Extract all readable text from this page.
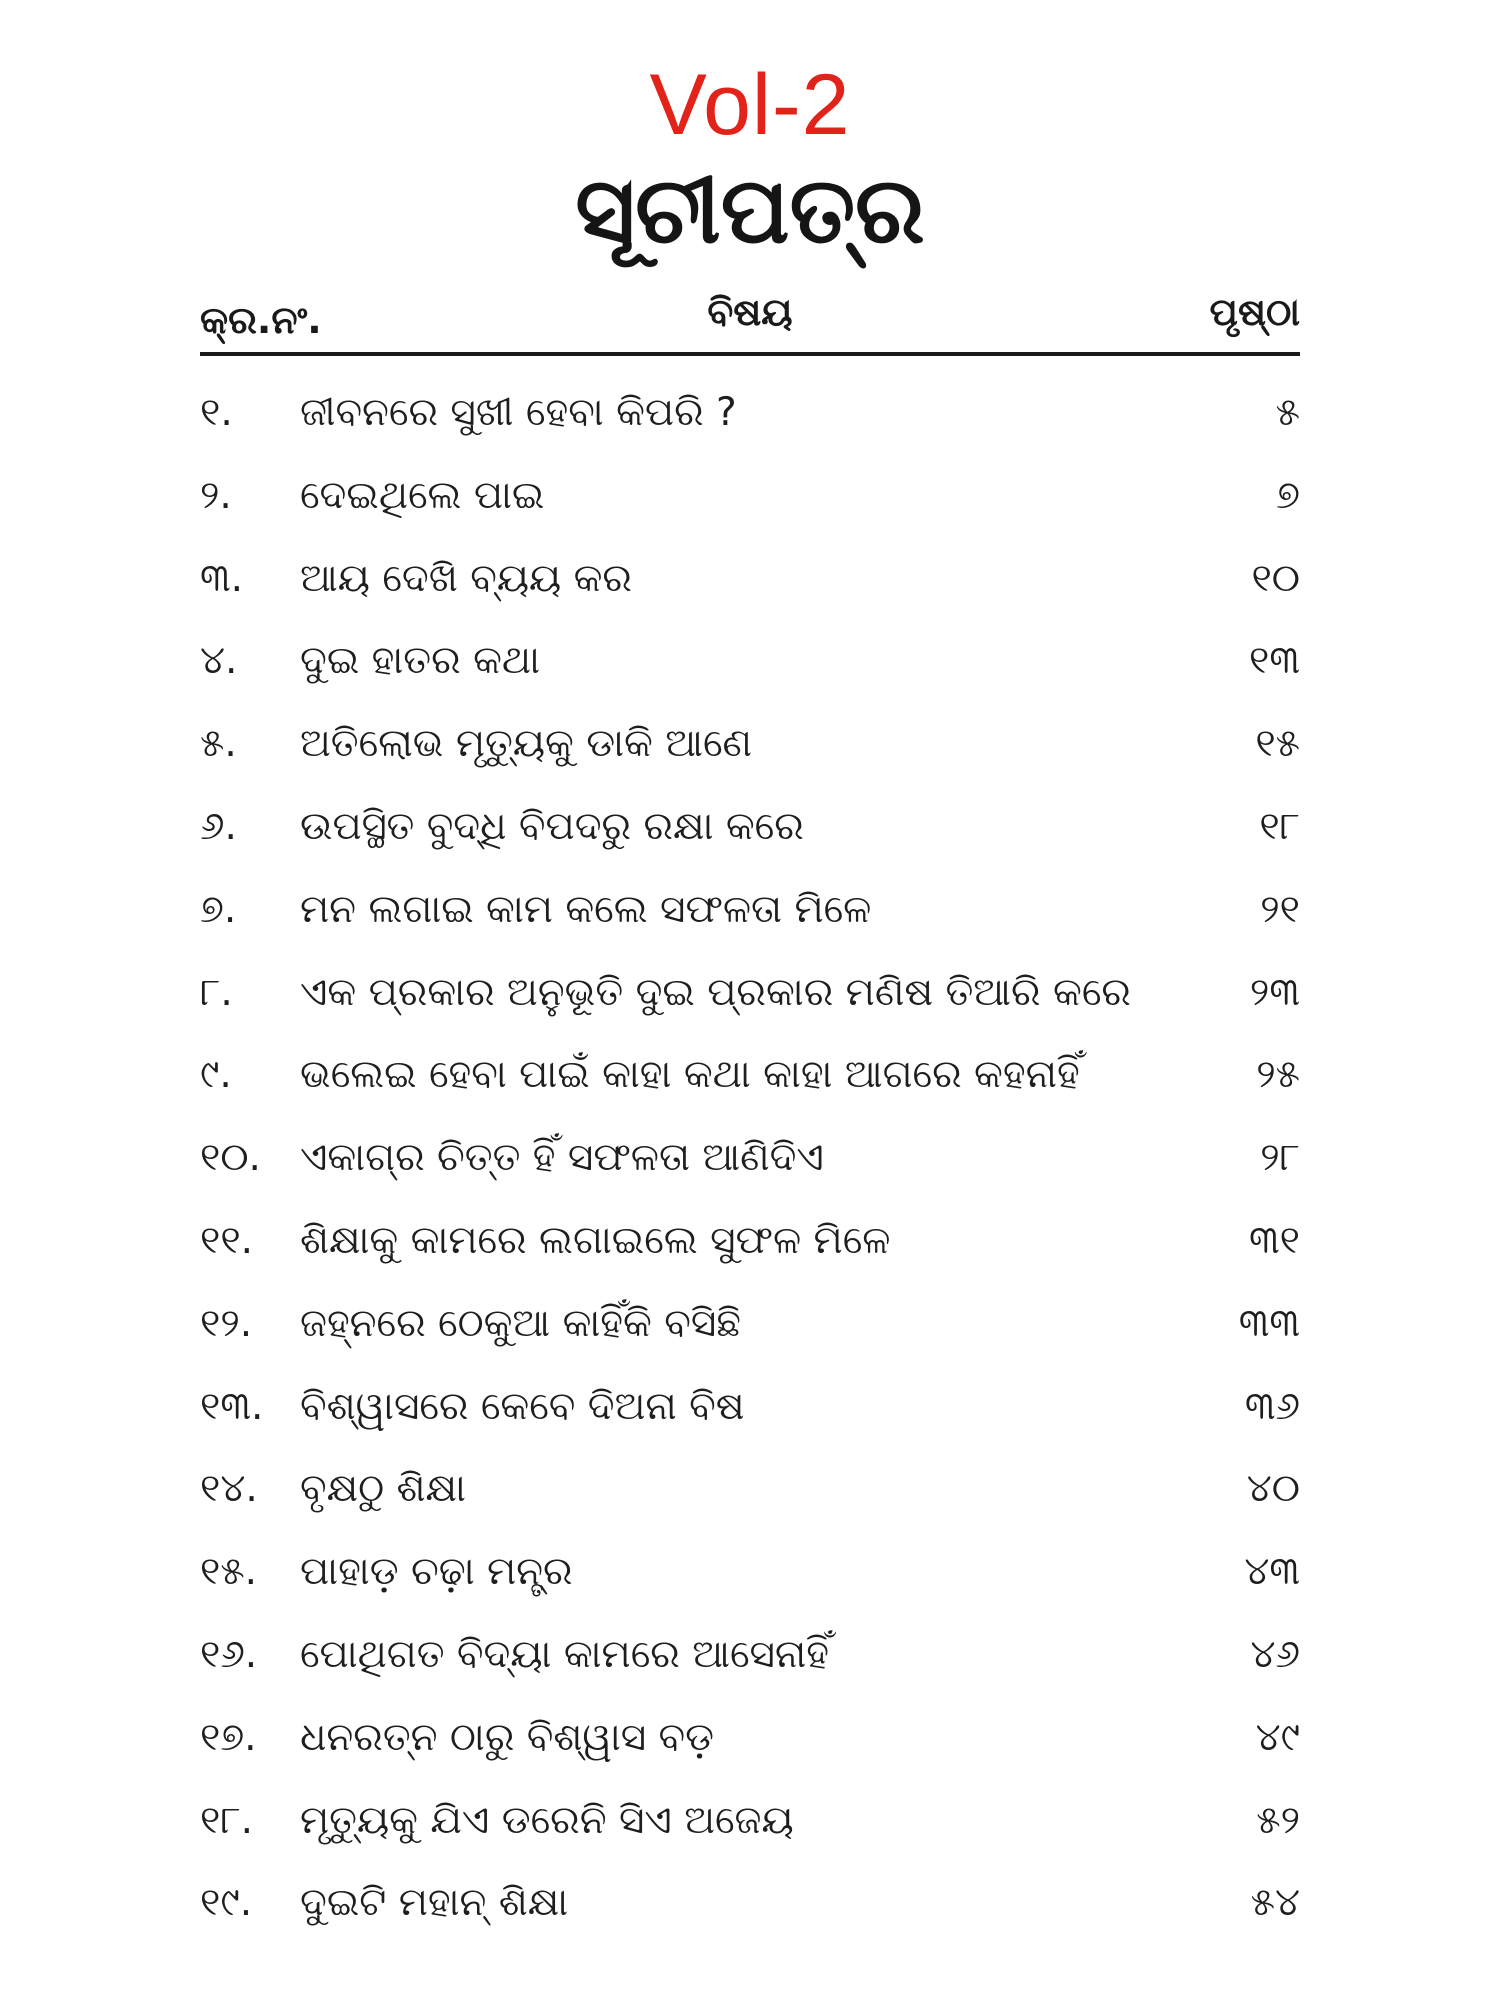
Vol-2
ସୂଚୀପତ୍ର
କ୍ର.ନଂ.	ବିଷୟ	ପୃଷ୍ଠା
୧.	ଜୀବନରେ ସୁଖୀ ହେବା କିପରି ?	୫
୨.	ଦେଇଥିଲେ ପାଇ	୭
୩.	ଆୟ ଦେଖି ବ୍ୟୟ କର	୧୦
୪.	ଦୁଇ ହାତର କଥା	୧୩
୫.	ଅତିଲୋଭ ମୃତ୍ୟୁକୁ ଡାକି ଆଣେ	୧୫
୬.	ଉପସ୍ଥିତ ବୁଦ୍ଧି ବିପଦରୁ ରକ୍ଷା କରେ	୧୮
୭.	ମନ ଲଗାଇ କାମ କଲେ ସଫଳତା ମିଳେ	୨୧
୮.	ଏକ ପ୍ରକାର ଅନୁଭୂତି ଦୁଇ ପ୍ରକାର ମଣିଷ ତିଆରି କରେ	୨୩
୯.	ଭଲେଇ ହେବା ପାଇଁ କାହା କଥା କାହା ଆଗରେ କହନାହିଁ	୨୫
୧୦.	ଏକାଗ୍ର ଚିତ୍ତ ହିଁ ସଫଳତା ଆଣିଦିଏ	୨୮
୧୧.	ଶିକ୍ଷାକୁ କାମରେ ଲଗାଇଲେ ସୁଫଳ ମିଳେ	୩୧
୧୨.	ଜହ୍ନରେ ଠେକୁଆ କାହିଁକି ବସିଛି	୩୩
୧୩. ବିଶ୍ୱାସରେ କେବେ ଦିଅନା ବିଷ	୩୬
୧୪.	ବୃକ୍ଷଠୁ ଶିକ୍ଷା	୪୦
୧୫.	ପାହାଡ଼ ଚଢ଼ା ମନ୍ତ୍ର	୪୩
୧୬.	ପୋଥିଗତ ବିଦ୍ୟା କାମରେ ଆସେନାହିଁ	୪୬
୧୭.	ଧନରତ୍ନ ଠାରୁ ବିଶ୍ୱାସ ବଡ଼	୪୯
୧୮.	ମୃତ୍ୟୁକୁ ଯିଏ ଡରେନି ସିଏ ଅଜେୟ	୫୨
୧୯.	ଦୁଇଟି ମହାନ୍ ଶିକ୍ଷା	୫୪
